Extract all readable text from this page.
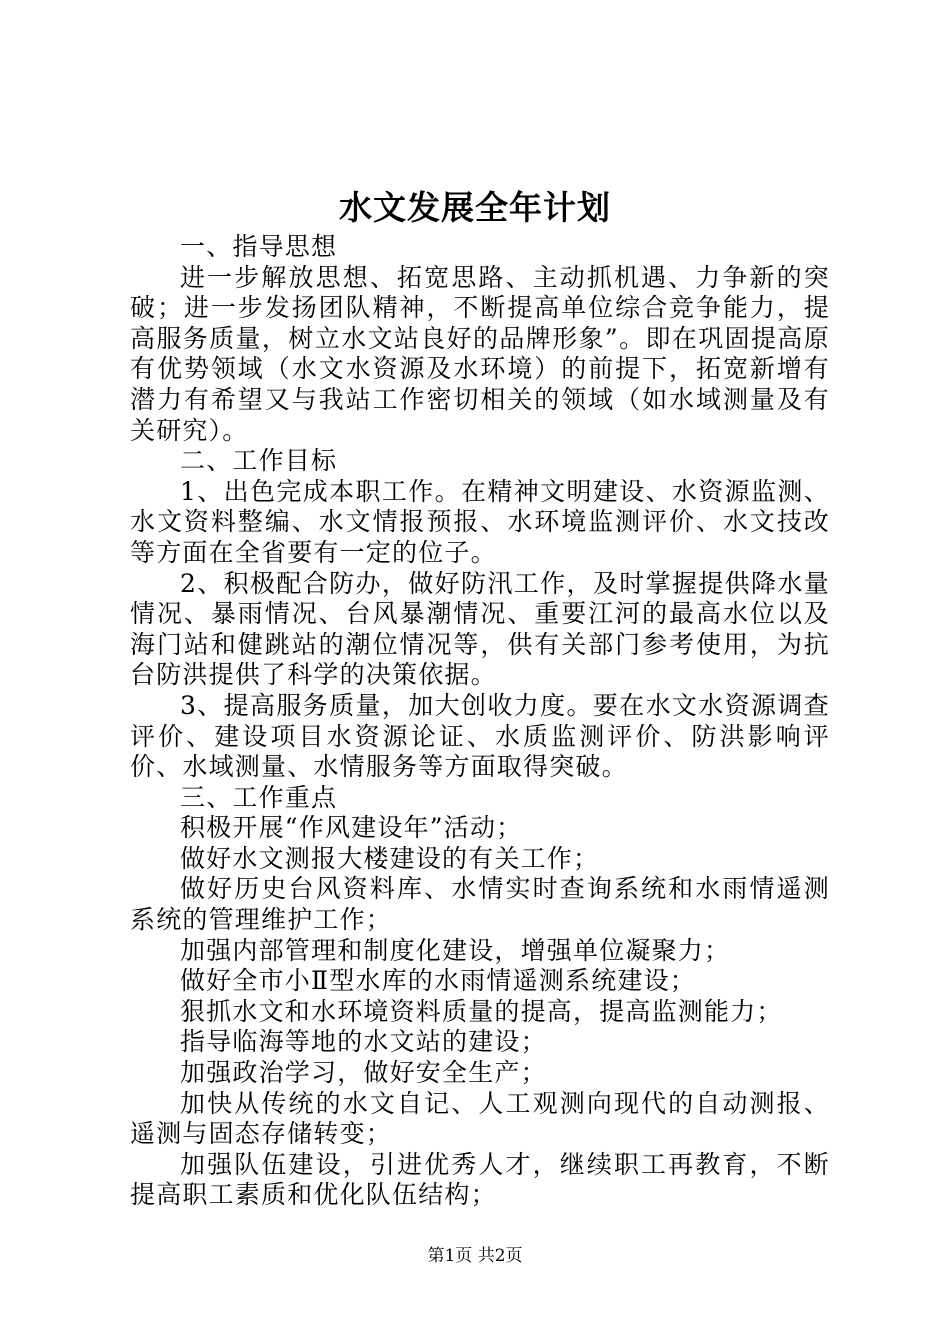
水文发展全年计划

一、指导思想

进一步解放思想、拓宽思路、主动抓机遇、力争新的突破；进一步发扬团队精神，不断提高单位综合竞争能力，提高服务质量，树立水文站良好的品牌形象”。即在巩固提高原有优势领域（水文水资源及水环境）的前提下，拓宽新增有潜力有希望又与我站工作密切相关的领域（如水域测量及有关研究）。

二、工作目标

1、出色完成本职工作。在精神文明建设、水资源监测、水文资料整编、水文情报预报、水环境监测评价、水文技改等方面在全省要有一定的位子。

2、积极配合防办，做好防汛工作，及时掌握提供降水量情况、暴雨情况、台风暴潮情况、重要江河的最高水位以及海门站和健跳站的潮位情况等，供有关部门参考使用，为抗台防洪提供了科学的决策依据。

3、提高服务质量，加大创收力度。要在水文水资源调查评价、建设项目水资源论证、水质监测评价、防洪影响评价、水域测量、水情服务等方面取得突破。

三、工作重点

积极开展“作风建设年”活动；

做好水文测报大楼建设的有关工作；

做好历史台风资料库、水情实时查询系统和水雨情遥测系统的管理维护工作；

加强内部管理和制度化建设，增强单位凝聚力；

做好全市小Ⅱ型水库的水雨情遥测系统建设；

狠抓水文和水环境资料质量的提高，提高监测能力；

指导临海等地的水文站的建设；

加强政治学习，做好安全生产；

加快从传统的水文自记、人工观测向现代的自动测报、遥测与固态存储转变；

加强队伍建设，引进优秀人才，继续职工再教育，不断提高职工素质和优化队伍结构；

第1页 共2页
